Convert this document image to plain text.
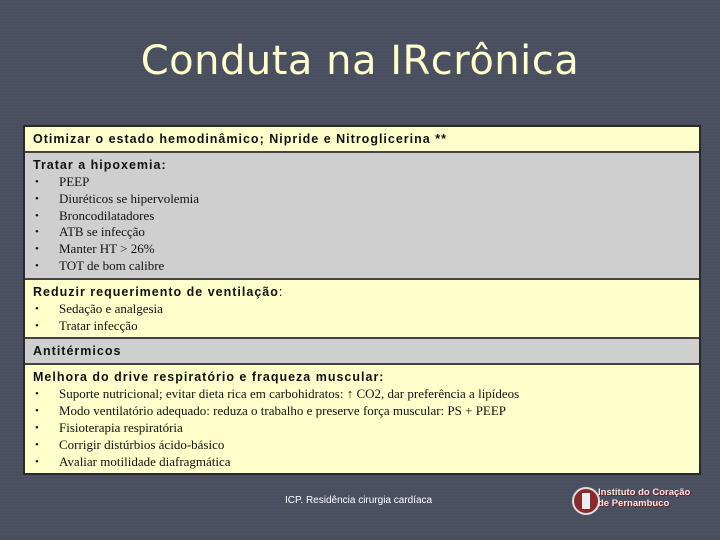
Conduta na IRcrônica
Otimizar o estado hemodinâmico; Nipride e Nitroglicerina **
Tratar a hipoxemia:
• PEEP
• Diuréticos se hipervolemia
• Broncodilatadores
• ATB se infecção
• Manter HT > 26%
• TOT de bom calibre
Reduzir requerimento de ventilação:
• Sedação e analgesia
• Tratar infecção
Antitérmicos
Melhora do drive respiratório e fraqueza muscular:
• Suporte nutricional; evitar dieta rica em carbohidratos: ↑ CO2, dar preferência a lipídeos
• Modo ventilatório adequado: reduza o trabalho e preserve força muscular: PS + PEEP
• Fisioterapia respiratória
• Corrigir distúrbios ácido-básico
• Avaliar motilidade diafragmática
ICP. Residência cirurgia cardíaca
Instituto do Coração
de Pernambuco
